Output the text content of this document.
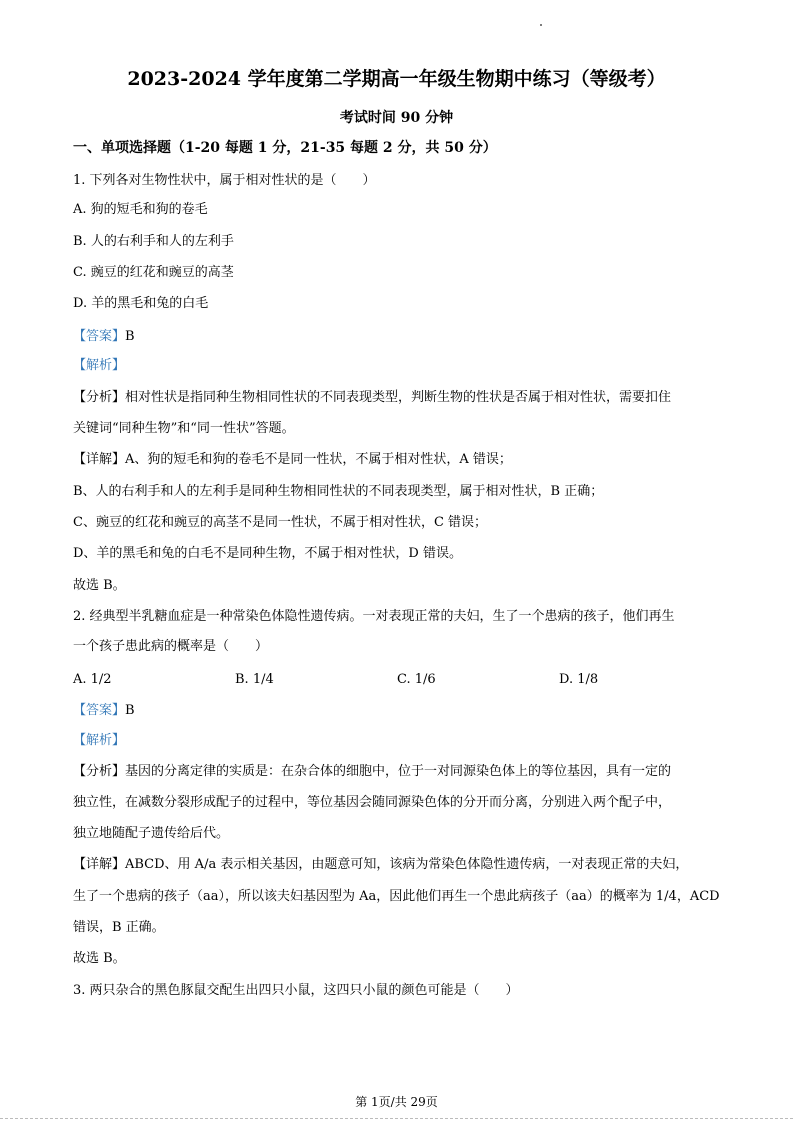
2023-2024 学年度第二学期高一年级生物期中练习（等级考）
考试时间 90 分钟
一、单项选择题（1-20 每题 1 分，21-35 每题 2 分，共 50 分）
1. 下列各对生物性状中，属于相对性状的是（　　）
A. 狗的短毛和狗的卷毛
B. 人的右利手和人的左利手
C. 豌豆的红花和豌豆的高茎
D. 羊的黑毛和兔的白毛
【答案】B
【解析】
【分析】相对性状是指同种生物相同性状的不同表现类型，判断生物的性状是否属于相对性状，需要扣住
关键词“同种生物”和“同一性状”答题。
【详解】A、狗的短毛和狗的卷毛不是同一性状，不属于相对性状，A 错误；
B、人的右利手和人的左利手是同种生物相同性状的不同表现类型，属于相对性状，B 正确；
C、豌豆的红花和豌豆的高茎不是同一性状，不属于相对性状，C 错误；
D、羊的黑毛和兔的白毛不是同种生物，不属于相对性状，D 错误。
故选 B。
2. 经典型半乳糖血症是一种常染色体隐性遗传病。一对表现正常的夫妇，生了一个患病的孩子，他们再生
一个孩子患此病的概率是（　　）
A. 1/2	B. 1/4	C. 1/6	D. 1/8
【答案】B
【解析】
【分析】基因的分离定律的实质是：在杂合体的细胞中，位于一对同源染色体上的等位基因，具有一定的
独立性，在减数分裂形成配子的过程中，等位基因会随同源染色体的分开而分离，分别进入两个配子中，
独立地随配子遗传给后代。
【详解】ABCD、用 A/a 表示相关基因，由题意可知，该病为常染色体隐性遗传病，一对表现正常的夫妇，
生了一个患病的孩子（aa），所以该夫妇基因型为 Aa，因此他们再生一个患此病孩子（aa）的概率为 1/4，ACD
错误，B 正确。
故选 B。
3. 两只杂合的黑色豚鼠交配生出四只小鼠，这四只小鼠的颜色可能是（　　）
第 1页/共 29页
